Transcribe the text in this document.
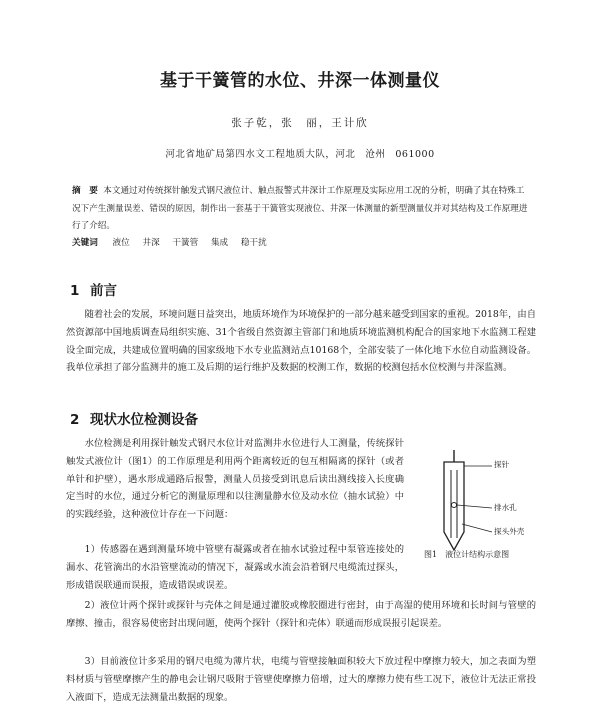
基于干簧管的水位、井深一体测量仪
张子乾，张　丽，王计欣
河北省地矿局第四水文工程地质大队，河北　沧州　061000
摘　要 本文通过对传统探针触发式钢尺液位计、触点报警式井深计工作原理及实际应用工况的分析，明确了其在特殊工况下产生测量误差、错误的原因，制作出一套基于干簧管实现液位、井深一体测量的新型测量仪并对其结构及工作原理进行了介绍。
关键词 液位 井深 干簧管 集成 稳干扰
1 前言
随着社会的发展，环境问题日益突出，地质环境作为环境保护的一部分越来越受到国家的重视。2018年，由自然资源部中国地质调查局组织实施、31个省级自然资源主管部门和地质环境监测机构配合的国家地下水监测工程建设全面完成，共建成位置明确的国家级地下水专业监测站点10168个，全部安装了一体化地下水位自动监测设备。我单位承担了部分监测井的施工及后期的运行维护及数据的校测工作，数据的校测包括水位校测与井深监测。
2 现状水位检测设备
水位检测是利用探针触发式钢尺水位计对监测井水位进行人工测量，传统探针触发式液位计（图1）的工作原理是利用两个距离较近的包互相隔离的探针（或者单针和护壁），遇水形成通路后报警，测量人员接受到讯息后读出测线接入长度确定当时的水位，通过分析它的测量原理和以往测量静水位及动水位（抽水试验）中的实践经验，这种液位计存在一下问题：
1）传感器在遇到测量环境中管壁有凝露或者在抽水试验过程中泵管连接处的漏水、花管滴出的水沿管壁流动的情况下，凝露或水流会沿着钢尺电缆流过探头，形成错误联通而误报，造成错误或误差。
2）液位计两个探针或探针与壳体之间是通过灌胶或橡胶圈进行密封，由于高湿的使用环境和长时间与管壁的摩擦、撞击，很容易使密封出现问题，使两个探针（探针和壳体）联通而形成误报引起误差。
3）目前液位计多采用的钢尺电缆为薄片状，电缆与管壁接触面积较大下放过程中摩擦力较大，加之表面为塑料材质与管壁摩擦产生的静电会让钢尺吸附于管壁使摩擦力倍增，过大的摩擦力使有些工况下，液位计无法正常投入液面下，造成无法测量出数据的现象。
探针
排水孔
探头外壳
图1　液位计结构示意图
